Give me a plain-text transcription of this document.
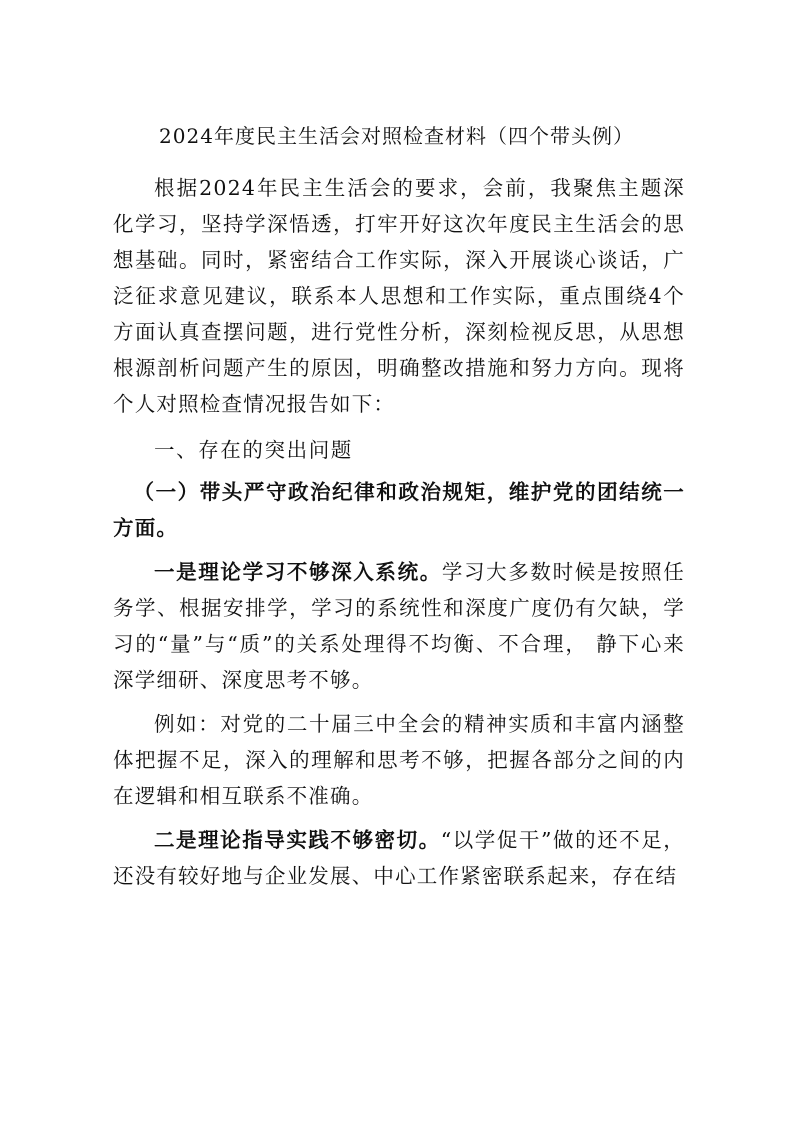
2024年度民主生活会对照检查材料（四个带头例）

根据2024年民主生活会的要求，会前，我聚焦主题深化学习，坚持学深悟透，打牢开好这次年度民主生活会的思想基础。同时，紧密结合工作实际，深入开展谈心谈话，广泛征求意见建议，联系本人思想和工作实际，重点围绕4个方面认真查摆问题，进行党性分析，深刻检视反思，从思想根源剖析问题产生的原因，明确整改措施和努力方向。现将个人对照检查情况报告如下：

一、存在的突出问题

（一）带头严守政治纪律和政治规矩，维护党的团结统一方面。

一是理论学习不够深入系统。学习大多数时候是按照任务学、根据安排学，学习的系统性和深度广度仍有欠缺，学习的“量”与“质”的关系处理得不均衡、不合理， 静下心来深学细研、深度思考不够。

例如：对党的二十届三中全会的精神实质和丰富内涵整体把握不足，深入的理解和思考不够，把握各部分之间的内在逻辑和相互联系不准确。

二是理论指导实践不够密切。“以学促干”做的还不足，还没有较好地与企业发展、中心工作紧密联系起来，存在结
